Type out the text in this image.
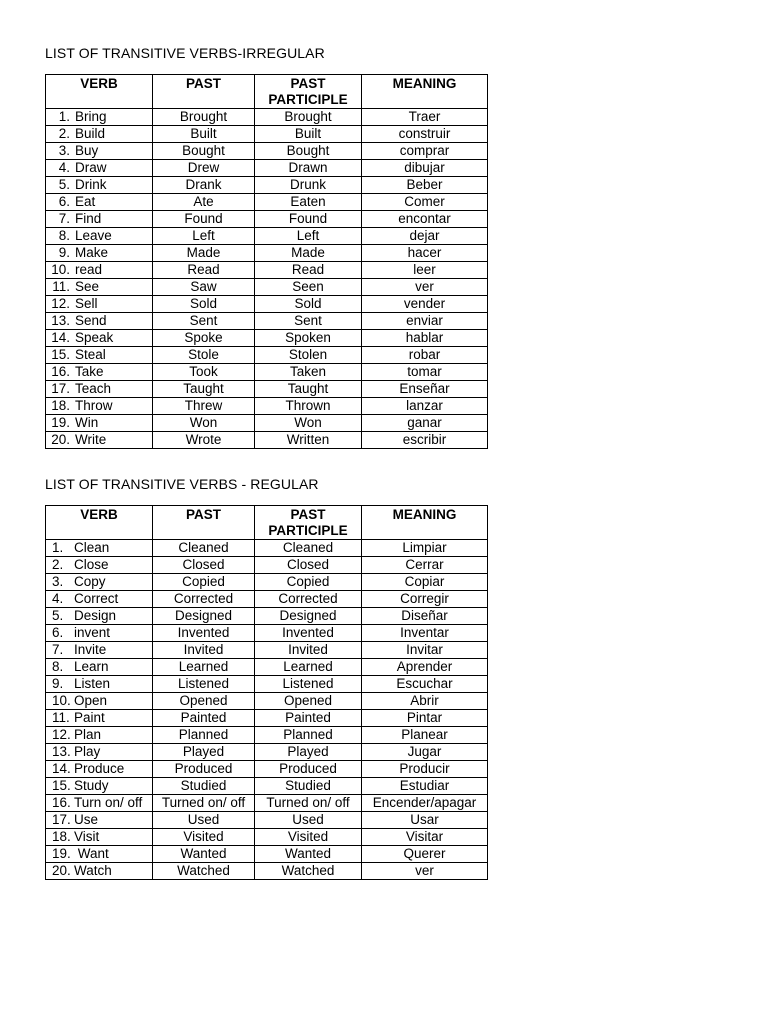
LIST OF TRANSITIVE VERBS-IRREGULAR
VERB	PAST	PAST PARTICIPLE	MEANING
1. Bring	Brought	Brought	Traer
2. Build	Built	Built	construir
3. Buy	Bought	Bought	comprar
4. Draw	Drew	Drawn	dibujar
5. Drink	Drank	Drunk	Beber
6. Eat	Ate	Eaten	Comer
7. Find	Found	Found	encontar
8. Leave	Left	Left	dejar
9. Make	Made	Made	hacer
10. read	Read	Read	leer
11. See	Saw	Seen	ver
12. Sell	Sold	Sold	vender
13. Send	Sent	Sent	enviar
14. Speak	Spoke	Spoken	hablar
15. Steal	Stole	Stolen	robar
16. Take	Took	Taken	tomar
17. Teach	Taught	Taught	Enseñar
18. Throw	Threw	Thrown	lanzar
19. Win	Won	Won	ganar
20. Write	Wrote	Written	escribir
LIST OF TRANSITIVE VERBS - REGULAR
VERB	PAST	PAST PARTICIPLE	MEANING
1. Clean	Cleaned	Cleaned	Limpiar
2. Close	Closed	Closed	Cerrar
3. Copy	Copied	Copied	Copiar
4. Correct	Corrected	Corrected	Corregir
5. Design	Designed	Designed	Diseñar
6. invent	Invented	Invented	Inventar
7. Invite	Invited	Invited	Invitar
8. Learn	Learned	Learned	Aprender
9. Listen	Listened	Listened	Escuchar
10. Open	Opened	Opened	Abrir
11. Paint	Painted	Painted	Pintar
12. Plan	Planned	Planned	Planear
13. Play	Played	Played	Jugar
14. Produce	Produced	Produced	Producir
15. Study	Studied	Studied	Estudiar
16. Turn on/ off	Turned on/ off	Turned on/ off	Encender/apagar
17. Use	Used	Used	Usar
18. Visit	Visited	Visited	Visitar
19. Want	Wanted	Wanted	Querer
20. Watch	Watched	Watched	ver
